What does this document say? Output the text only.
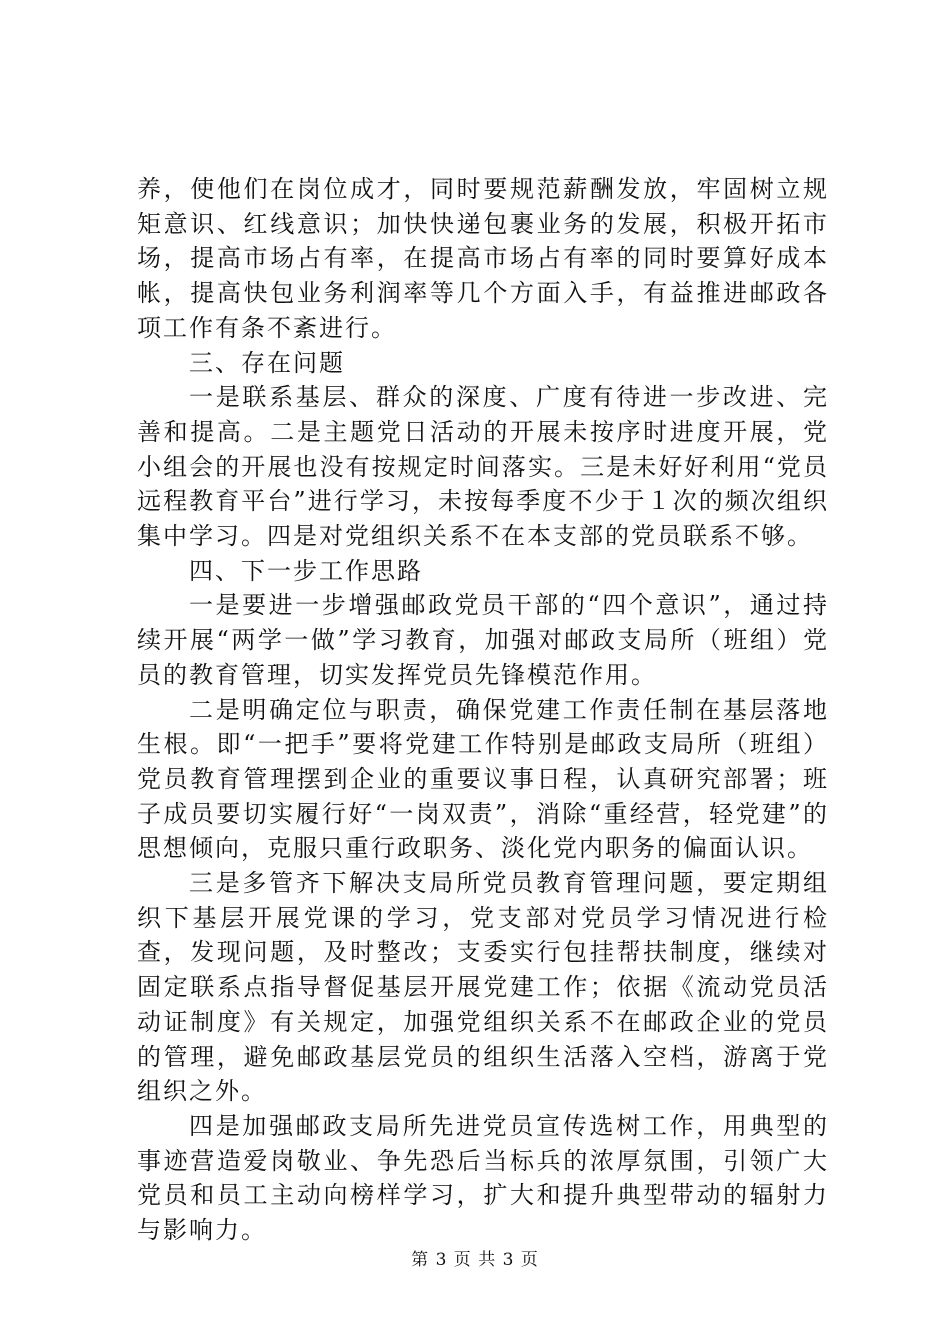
养，使他们在岗位成才，同时要规范薪酬发放，牢固树立规矩意识、红线意识；加快快递包裹业务的发展，积极开拓市场，提高市场占有率，在提高市场占有率的同时要算好成本帐，提高快包业务利润率等几个方面入手，有益推进邮政各项工作有条不紊进行。

三、存在问题

一是联系基层、群众的深度、广度有待进一步改进、完善和提高。二是主题党日活动的开展未按序时进度开展，党小组会的开展也没有按规定时间落实。三是未好好利用“党员远程教育平台”进行学习，未按每季度不少于１次的频次组织集中学习。四是对党组织关系不在本支部的党员联系不够。

四、下一步工作思路

一是要进一步增强邮政党员干部的“四个意识”，通过持续开展“两学一做”学习教育，加强对邮政支局所（班组）党员的教育管理，切实发挥党员先锋模范作用。

二是明确定位与职责，确保党建工作责任制在基层落地生根。即“一把手”要将党建工作特别是邮政支局所（班组）党员教育管理摆到企业的重要议事日程，认真研究部署；班子成员要切实履行好“一岗双责”，消除“重经营，轻党建”的思想倾向，克服只重行政职务、淡化党内职务的偏面认识。

三是多管齐下解决支局所党员教育管理问题，要定期组织下基层开展党课的学习，党支部对党员学习情况进行检查，发现问题，及时整改；支委实行包挂帮扶制度，继续对固定联系点指导督促基层开展党建工作；依据《流动党员活动证制度》有关规定，加强党组织关系不在邮政企业的党员的管理，避免邮政基层党员的组织生活落入空档，游离于党组织之外。

四是加强邮政支局所先进党员宣传选树工作，用典型的事迹营造爱岗敬业、争先恐后当标兵的浓厚氛围，引领广大党员和员工主动向榜样学习，扩大和提升典型带动的辐射力与影响力。

第 3 页 共 3 页
